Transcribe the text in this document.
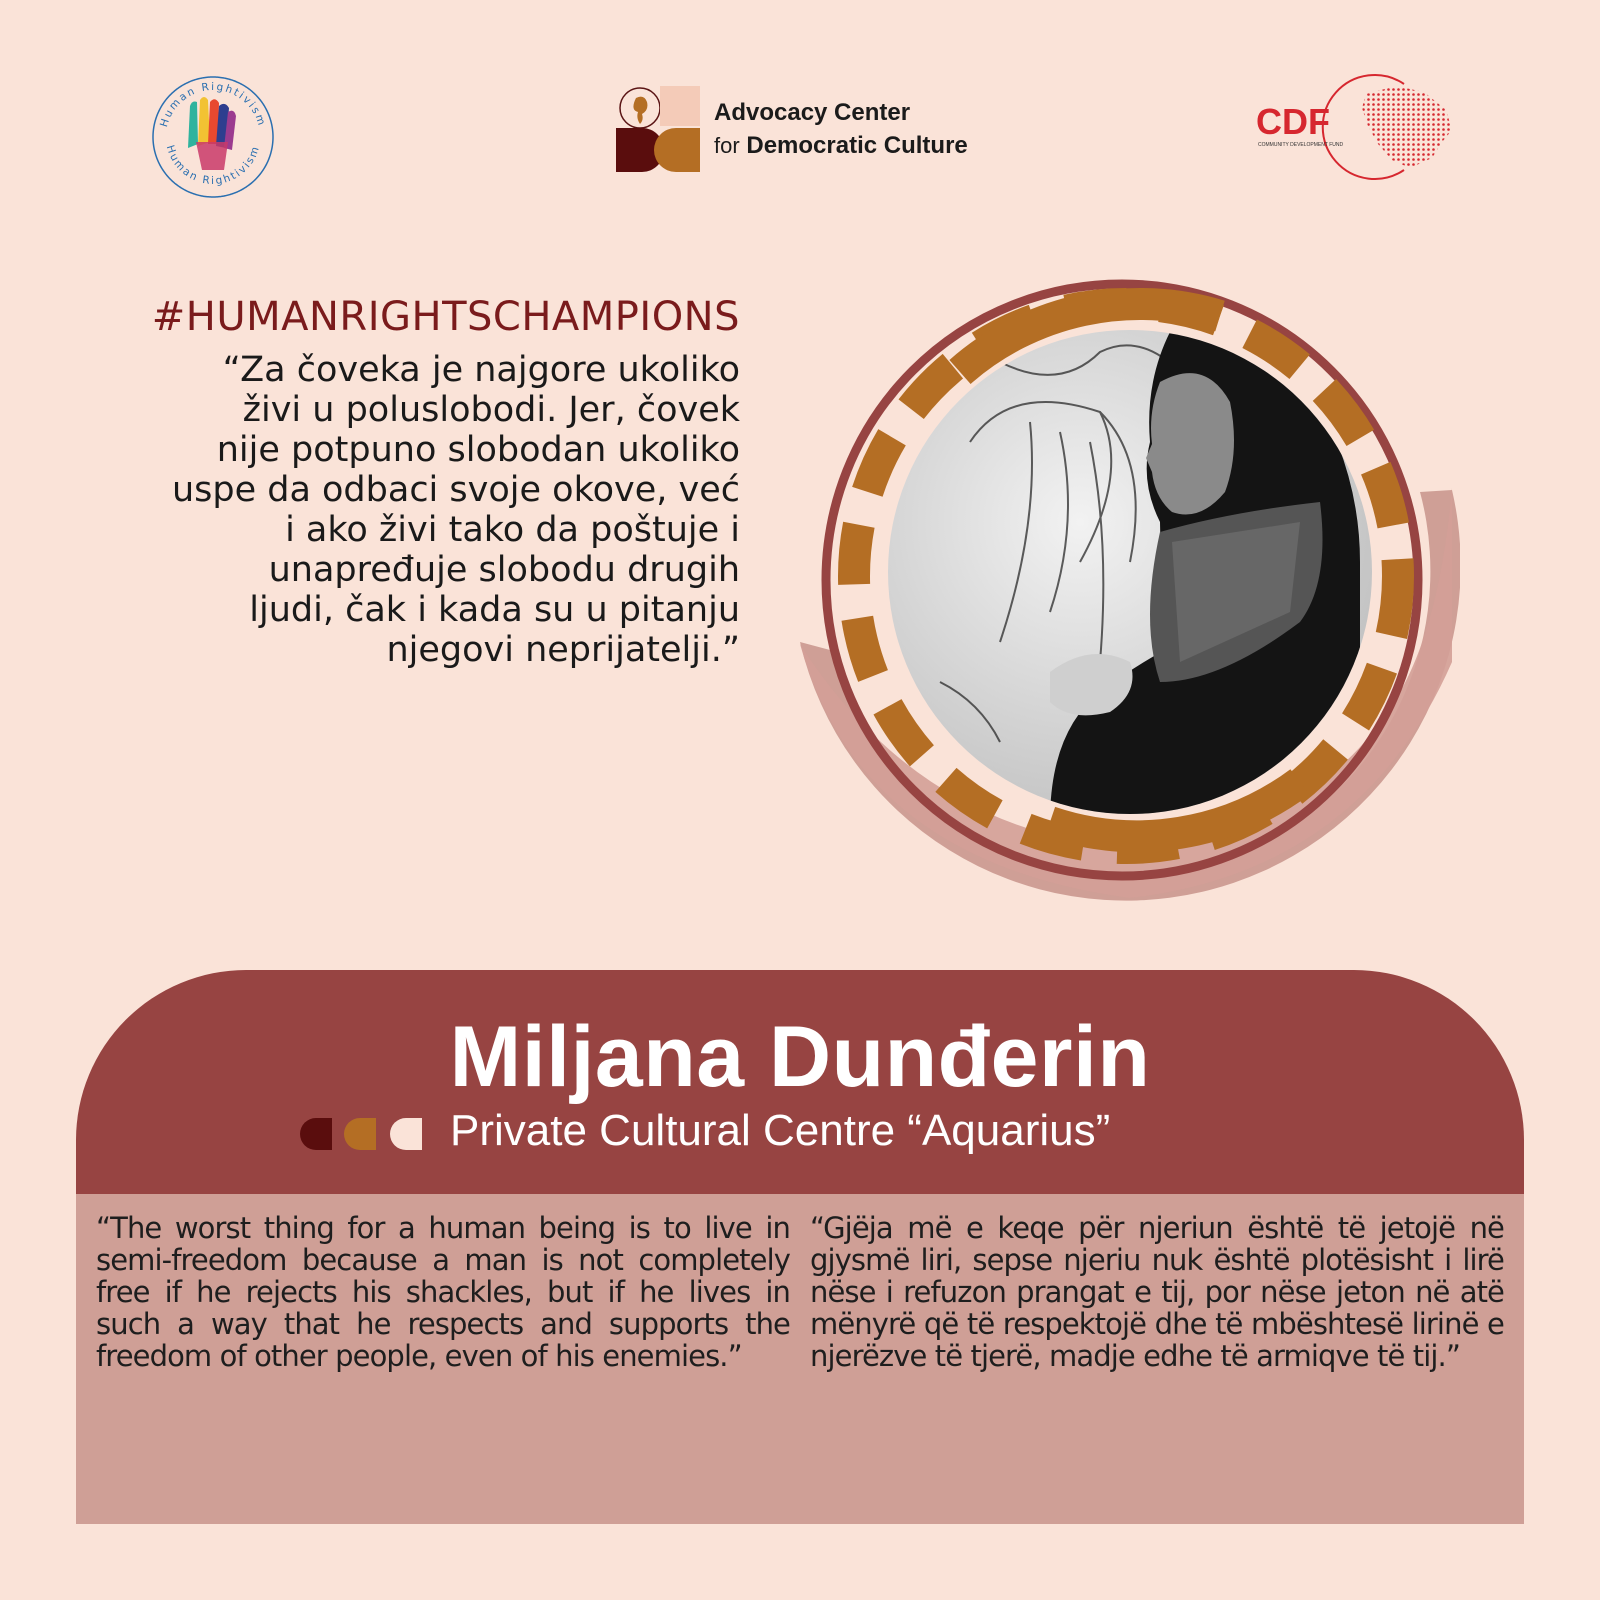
Human Rightivism
Human Rightivism
Advocacy Center
for Democratic Culture
CDF
COMMUNITY DEVELOPMENT FUND
#HUMANRIGHTSCHAMPIONS
“Za čoveka je najgore ukoliko
živi u poluslobodi. Jer, čovek
nije potpuno slobodan ukoliko
uspe da odbaci svoje okove, već
i ako živi tako da poštuje i
unapređuje slobodu drugih
ljudi, čak i kada su u pitanju
njegovi neprijatelji.”
Miljana Dunđerin
Private Cultural Centre “Aquarius”
“The worst thing for a human being is to live in semi-freedom because a man is not completely free if he rejects his shackles, but if he lives in such a way that he respects and supports the freedom of other people, even of his enemies.”
“Gjëja më e keqe për njeriun është të jetojë në gjysmë liri, sepse njeriu nuk është plotësisht i lirë nëse i refuzon prangat e tij, por nëse jeton në atë mënyrë që të respektojë dhe të mbështesë lirinë e njerëzve të tjerë, madje edhe të armiqve të tij.”
